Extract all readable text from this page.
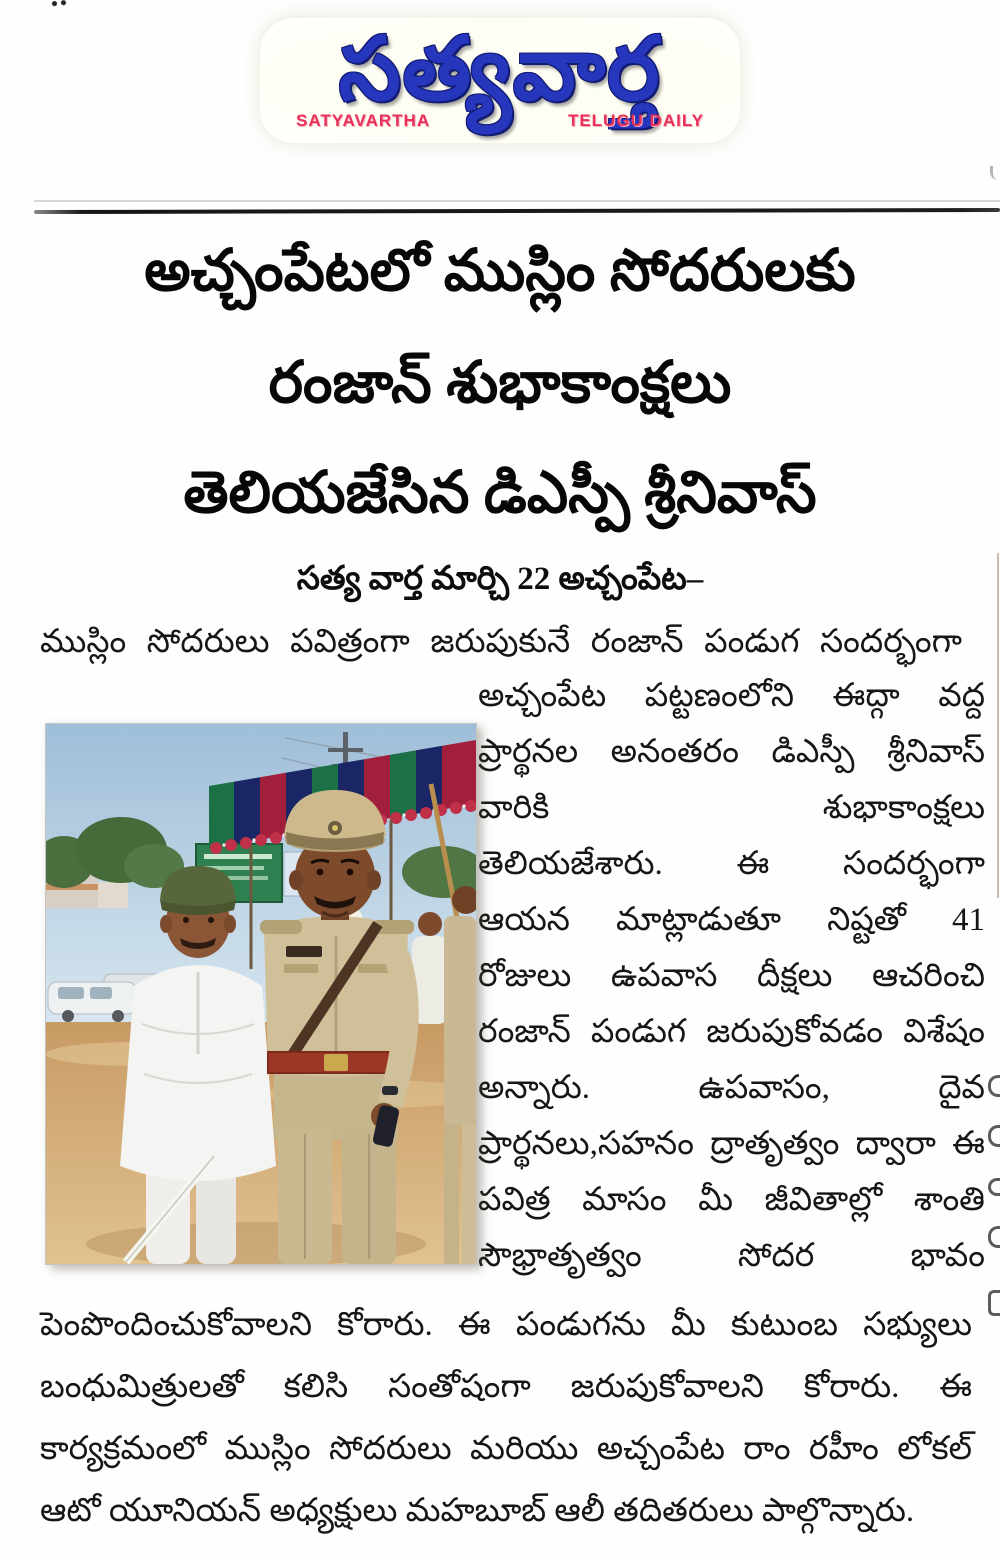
సత్యవార్త
SATYAVARTHA	TELUGU DAILY
అచ్చంపేటలో ముస్లిం సోదరులకు
రంజాన్ శుభాకాంక్షలు
తెలియజేసిన డిఎస్పీ శ్రీనివాస్
సత్య వార్త మార్చి 22 అచ్చంపేట–
ముస్లిం సోదరులు పవిత్రంగా జరుపుకునే రంజాన్ పండుగ సందర్భంగా
అచ్చంపేట పట్టణంలోని ఈద్గా వద్ద
ప్రార్థనల అనంతరం డిఎస్పీ శ్రీనివాస్
వారికి శుభాకాంక్షలు
తెలియజేశారు. ఈ సందర్భంగా
ఆయన మాట్లాడుతూ నిష్టతో 41
రోజులు ఉపవాస దీక్షలు ఆచరించి
రంజాన్ పండుగ జరుపుకోవడం విశేషం
అన్నారు. ఉపవాసం, దైవ
ప్రార్థనలు,సహనం ద్రాతృత్వం ద్వారా ఈ
పవిత్ర మాసం మీ జీవితాల్లో శాంతి
సౌభ్రాతృత్వం సోదర భావం
పెంపొందించుకోవాలని కోరారు. ఈ పండుగను మీ కుటుంబ సభ్యులు
బంధుమిత్రులతో కలిసి సంతోషంగా జరుపుకోవాలని కోరారు. ఈ
కార్యక్రమంలో ముస్లిం సోదరులు మరియు అచ్చంపేట రాం రహీం లోకల్
ఆటో యూనియన్ అధ్యక్షులు మహబూబ్ ఆలీ తదితరులు పాల్గొన్నారు.
